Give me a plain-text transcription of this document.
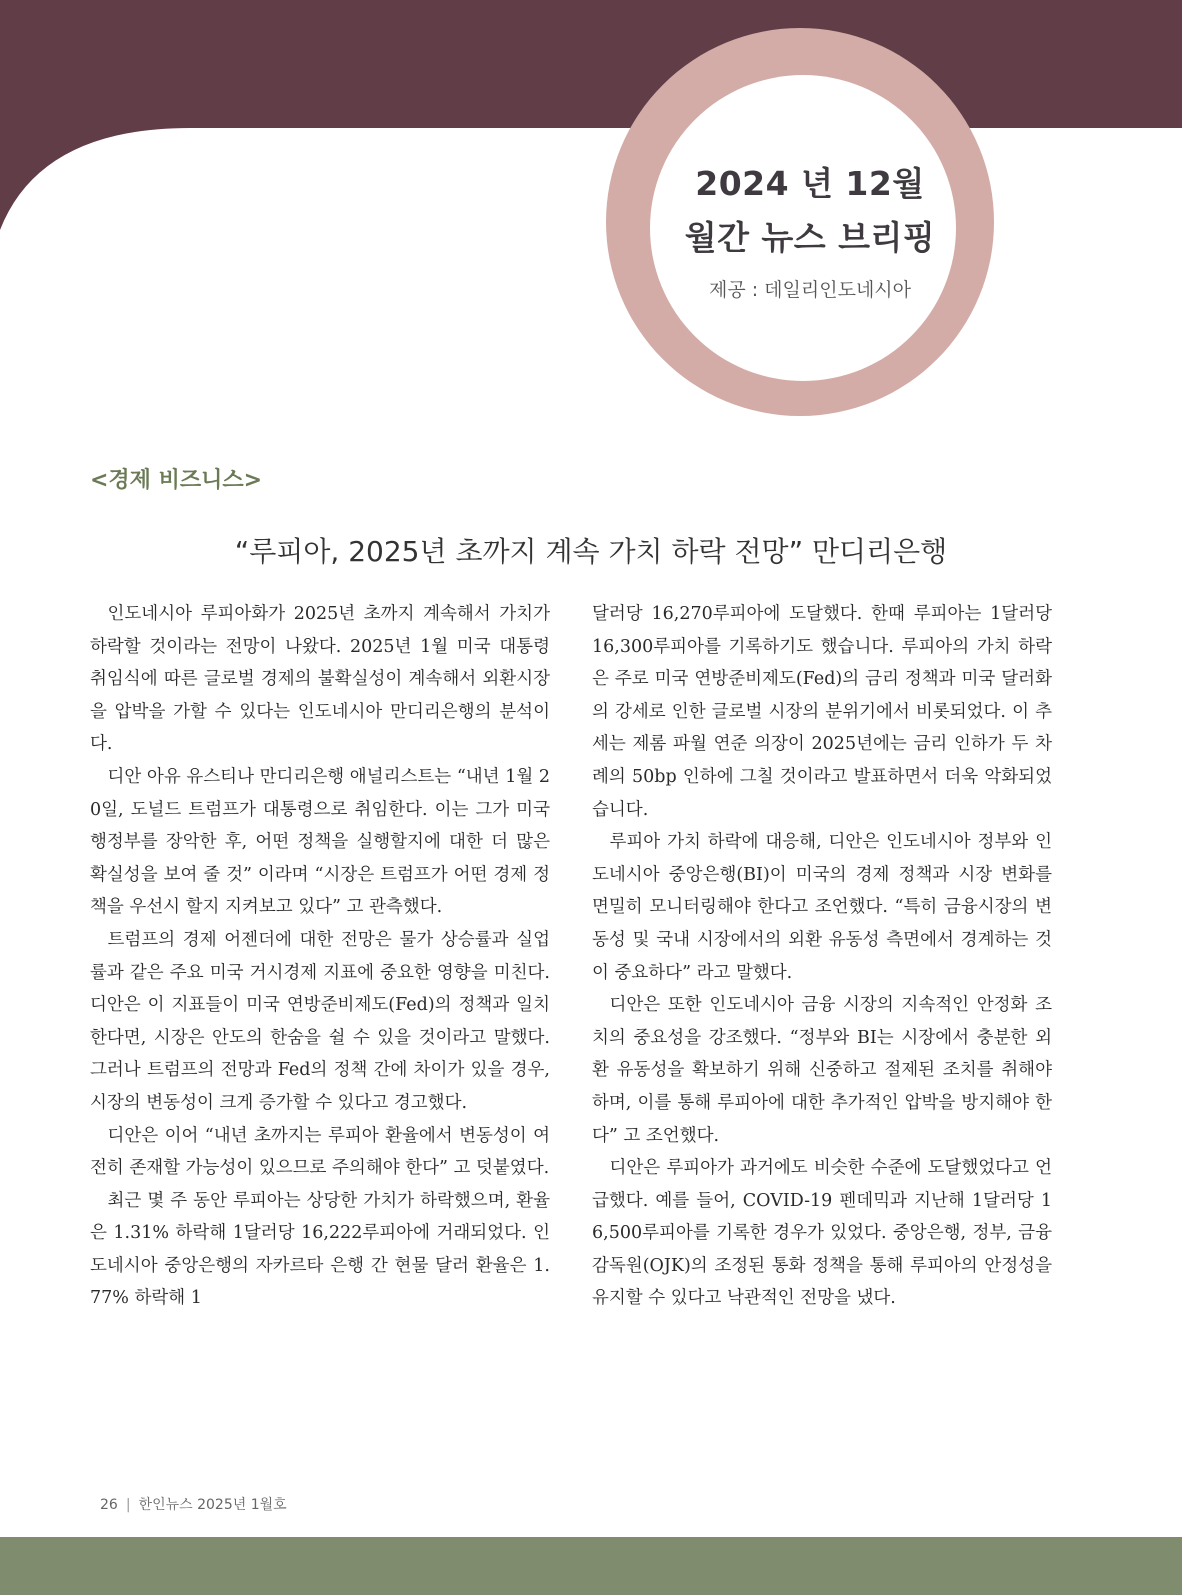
2024 년 12월
월간 뉴스 브리핑
제공 : 데일리인도네시아
<경제 비즈니스>
“루피아, 2025년 초까지 계속 가치 하락 전망” 만디리은행

인도네시아 루피아화가 2025년 초까지 계속해서 가치가 하락할 것이라는 전망이 나왔다. 2025년 1월 미국 대통령 취임식에 따른 글로벌 경제의 불확실성이 계속해서 외환시장을 압박을 가할 수 있다는 인도네시아 만디리은행의 분석이다.

디안 아유 유스티나 만디리은행 애널리스트는 “내년 1월 20일, 도널드 트럼프가 대통령으로 취임한다. 이는 그가 미국 행정부를 장악한 후, 어떤 정책을 실행할지에 대한 더 많은 확실성을 보여 줄 것” 이라며 “시장은 트럼프가 어떤 경제 정책을 우선시 할지 지켜보고 있다” 고 관측했다.

트럼프의 경제 어젠더에 대한 전망은 물가 상승률과 실업률과 같은 주요 미국 거시경제 지표에 중요한 영향을 미친다. 디안은 이 지표들이 미국 연방준비제도(Fed)의 정책과 일치한다면, 시장은 안도의 한숨을 쉴 수 있을 것이라고 말했다. 그러나 트럼프의 전망과 Fed의 정책 간에 차이가 있을 경우, 시장의 변동성이 크게 증가할 수 있다고 경고했다.

디안은 이어 “내년 초까지는 루피아 환율에서 변동성이 여전히 존재할 가능성이 있으므로 주의해야 한다” 고 덧붙였다.

최근 몇 주 동안 루피아는 상당한 가치가 하락했으며, 환율은 1.31% 하락해 1달러당 16,222루피아에 거래되었다. 인도네시아 중앙은행의 자카르타 은행 간 현물 달러 환율은 1.77% 하락해 1

달러당 16,270루피아에 도달했다. 한때 루피아는 1달러당 16,300루피아를 기록하기도 했습니다. 루피아의 가치 하락은 주로 미국 연방준비제도(Fed)의 금리 정책과 미국 달러화의 강세로 인한 글로벌 시장의 분위기에서 비롯되었다. 이 추세는 제롬 파월 연준 의장이 2025년에는 금리 인하가 두 차례의 50bp 인하에 그칠 것이라고 발표하면서 더욱 악화되었습니다.

루피아 가치 하락에 대응해, 디안은 인도네시아 정부와 인도네시아 중앙은행(BI)이 미국의 경제 정책과 시장 변화를 면밀히 모니터링해야 한다고 조언했다. “특히 금융시장의 변동성 및 국내 시장에서의 외환 유동성 측면에서 경계하는 것이 중요하다” 라고 말했다.

디안은 또한 인도네시아 금융 시장의 지속적인 안정화 조치의 중요성을 강조했다. “정부와 BI는 시장에서 충분한 외환 유동성을 확보하기 위해 신중하고 절제된 조치를 취해야 하며, 이를 통해 루피아에 대한 추가적인 압박을 방지해야 한다” 고 조언했다.

디안은 루피아가 과거에도 비슷한 수준에 도달했었다고 언급했다. 예를 들어, COVID-19 펜데믹과 지난해 1달러당 16,500루피아를 기록한 경우가 있었다. 중앙은행, 정부, 금융감독원(OJK)의 조정된 통화 정책을 통해 루피아의 안정성을 유지할 수 있다고 낙관적인 전망을 냈다.

26 | 한인뉴스 2025년 1월호
